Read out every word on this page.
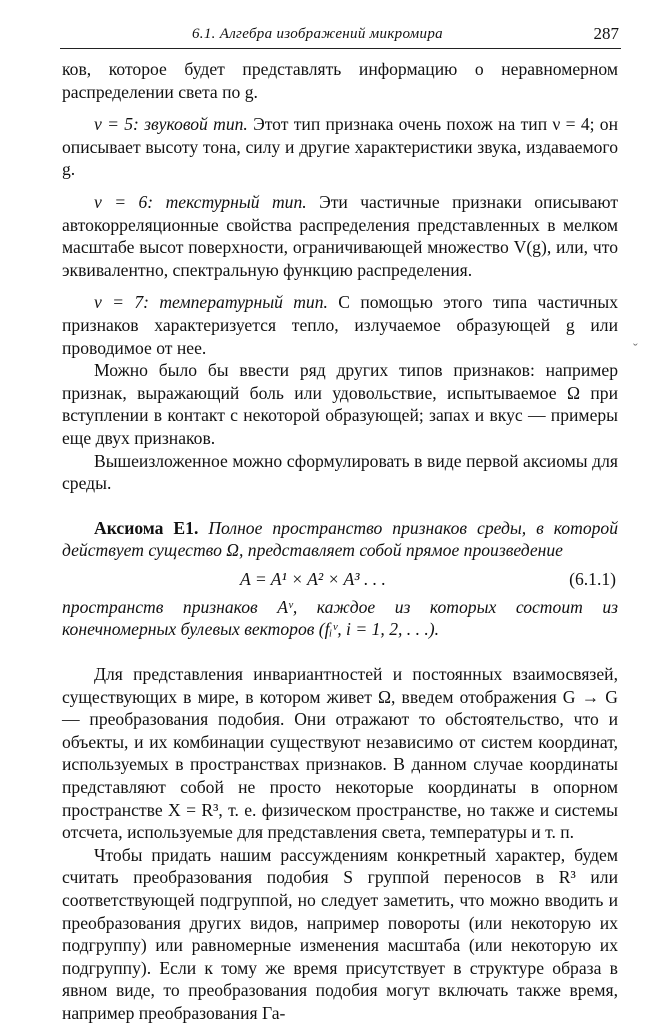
6.1. Алгебра изображений микромира	287

ков, которое будет представлять информацию о неравномерном распределении света по g.

ν = 5: звуковой тип. Этот тип признака очень похож на тип ν = 4; он описывает высоту тона, силу и другие характеристики звука, издаваемого g.

ν = 6: текстурный тип. Эти частичные признаки описывают автокорреляционные свойства распределения представленных в мелком масштабе высот поверхности, ограничивающей множество V(g), или, что эквивалентно, спектральную функцию распределения.

ν = 7: температурный тип. С помощью этого типа частичных признаков характеризуется тепло, излучаемое образующей g или проводимое от нее.

Можно было бы ввести ряд других типов признаков: например признак, выражающий боль или удовольствие, испытываемое Ω при вступлении в контакт с некоторой образующей; запах и вкус — примеры еще двух признаков.

Вышеизложенное можно сформулировать в виде первой аксиомы для среды.

Аксиома E1. Полное пространство признаков среды, в которой действует существо Ω, представляет собой прямое произведение

A = A¹ × A² × A³ . . .	(6.1.1)

пространств признаков Aᵛ, каждое из которых состоит из конечномерных булевых векторов (fᵢᵛ, i = 1, 2, . . .).

Для представления инвариантностей и постоянных взаимосвязей, существующих в мире, в котором живет Ω, введем отображения G → G — преобразования подобия. Они отражают то обстоятельство, что и объекты, и их комбинации существуют независимо от систем координат, используемых в пространствах признаков. В данном случае координаты представляют собой не просто некоторые координаты в опорном пространстве X = R³, т. е. физическом пространстве, но также и системы отсчета, используемые для представления света, температуры и т. п.

Чтобы придать нашим рассуждениям конкретный характер, будем считать преобразования подобия S группой переносов в R³ или соответствующей подгруппой, но следует заметить, что можно вводить и преобразования других видов, например повороты (или некоторую их подгруппу) или равномерные изменения масштаба (или некоторую их подгруппу). Если к тому же время присутствует в структуре образа в явном виде, то преобразования подобия могут включать также время, например преобразования Га-

ˇ
